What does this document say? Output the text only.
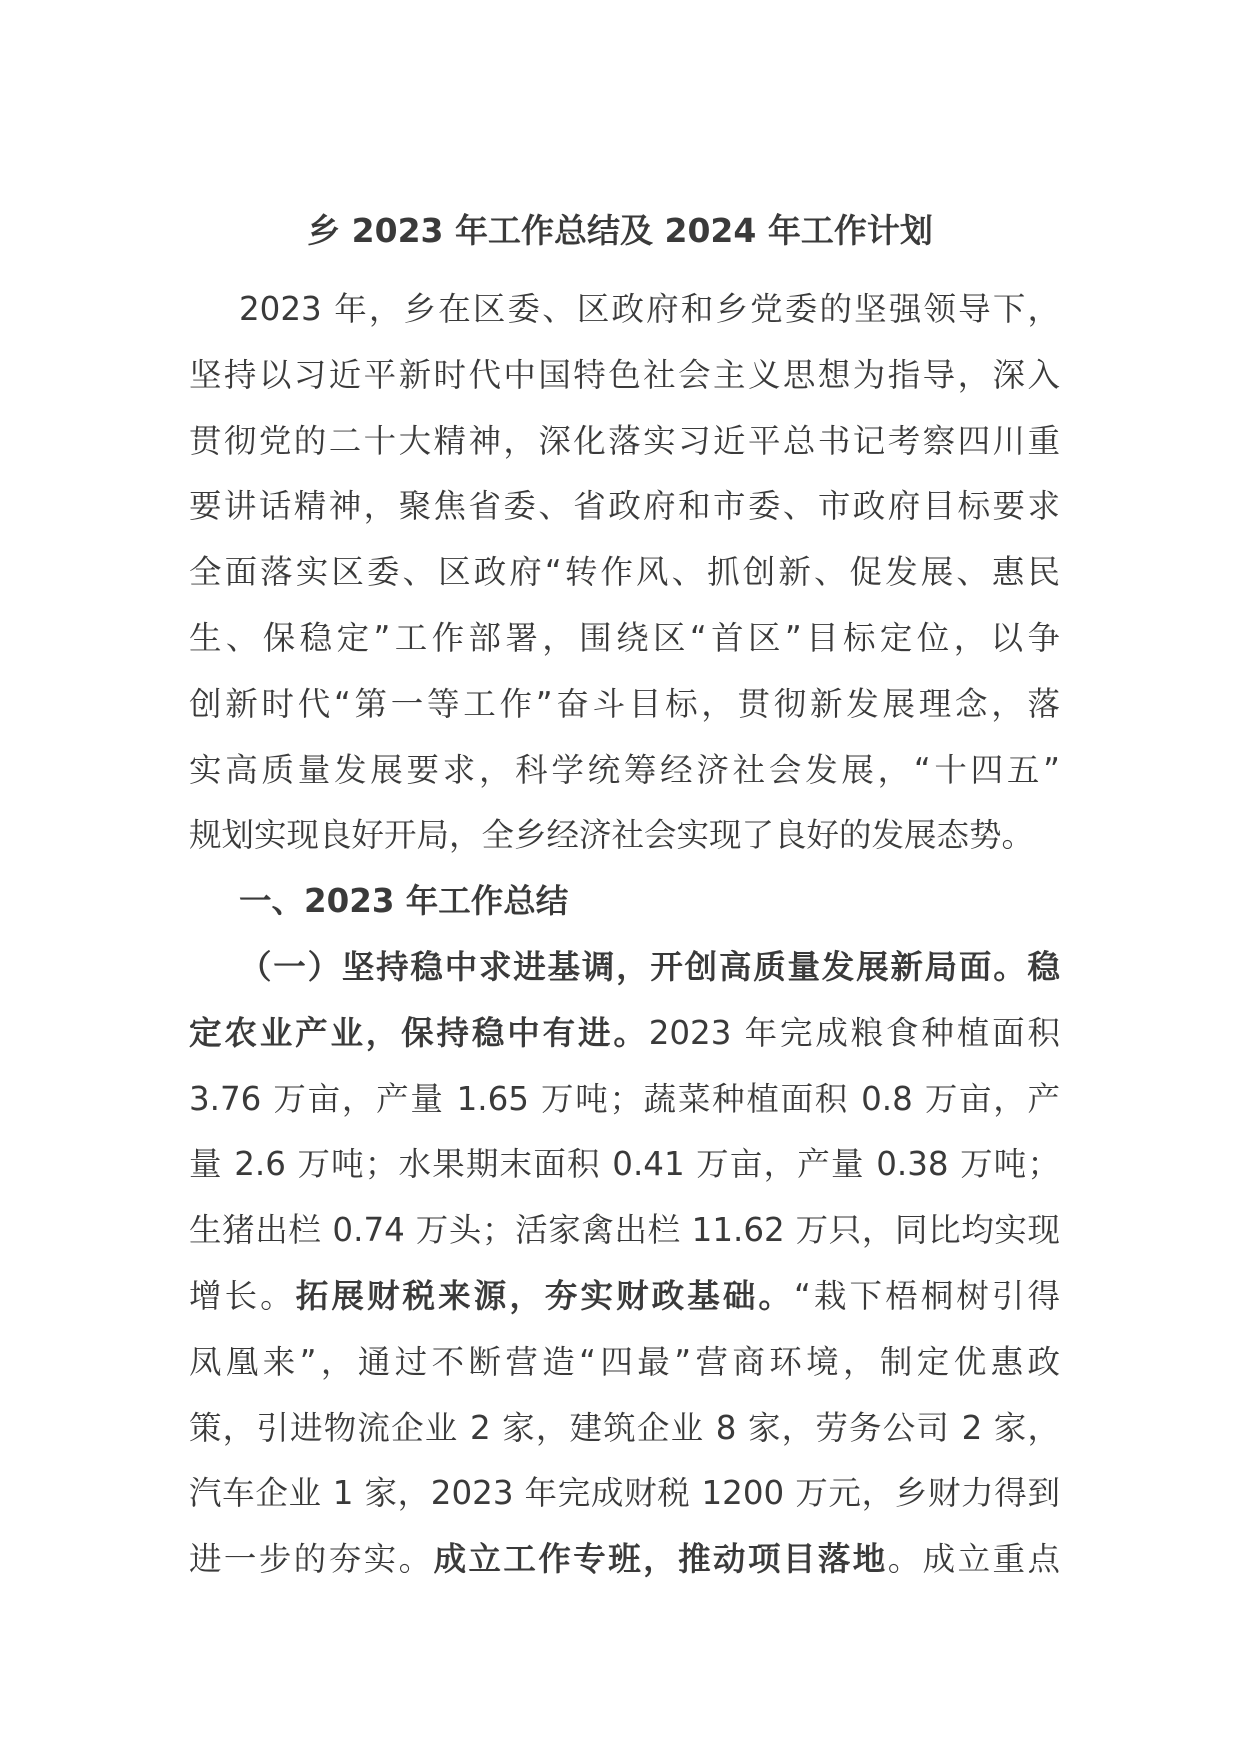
乡 2023 年工作总结及 2024 年工作计划
2023 年，乡在区委、区政府和乡党委的坚强领导下，
坚持以习近平新时代中国特色社会主义思想为指导，深入
贯彻党的二十大精神，深化落实习近平总书记考察四川重
要讲话精神，聚焦省委、省政府和市委、市政府目标要求
全面落实区委、区政府“转作风、抓创新、促发展、惠民
生、保稳定”工作部署，围绕区“首区”目标定位，以争
创新时代“第一等工作”奋斗目标，贯彻新发展理念，落
实高质量发展要求，科学统筹经济社会发展，“十四五”
规划实现良好开局，全乡经济社会实现了良好的发展态势。
一、2023 年工作总结
（一）坚持稳中求进基调，开创高质量发展新局面。稳
定农业产业，保持稳中有进。2023 年完成粮食种植面积
3.76 万亩，产量 1.65 万吨；蔬菜种植面积 0.8 万亩，产
量 2.6 万吨；水果期末面积 0.41 万亩，产量 0.38 万吨；
生猪出栏 0.74 万头；活家禽出栏 11.62 万只，同比均实现
增长。拓展财税来源，夯实财政基础。“栽下梧桐树引得
凤凰来”，通过不断营造“四最”营商环境，制定优惠政
策，引进物流企业 2 家，建筑企业 8 家，劳务公司 2 家，
汽车企业 1 家，2023 年完成财税 1200 万元，乡财力得到
进一步的夯实。成立工作专班，推动项目落地。成立重点
